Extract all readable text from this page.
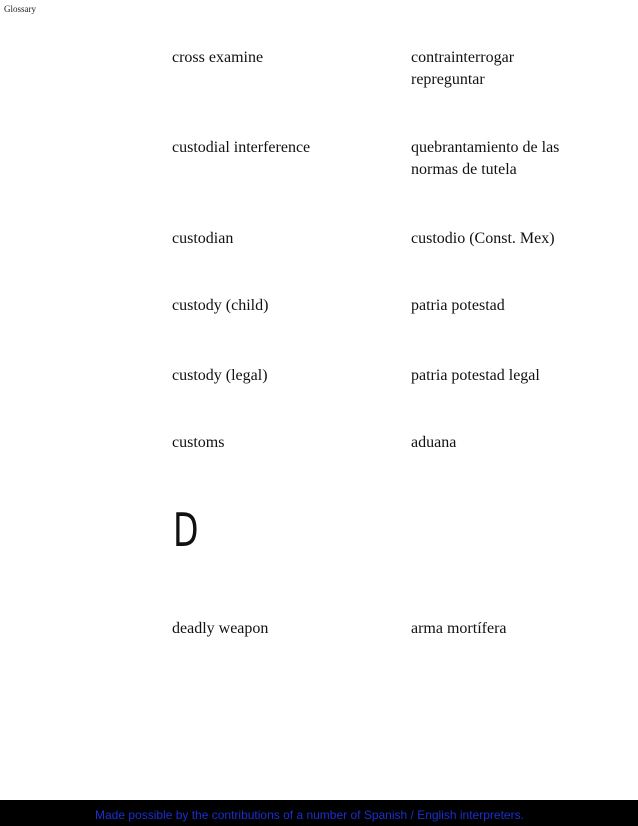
Glossary
cross examine	contrainterrogar
repreguntar
custodial interference	quebrantamiento de las
normas de tutela
custodian	custodio (Const. Mex)
custody (child)	patria potestad
custody (legal)	patria potestad legal
customs	aduana
D
deadly weapon	arma mortífera
Made possible by the contributions of a number of Spanish / English interpreters.
